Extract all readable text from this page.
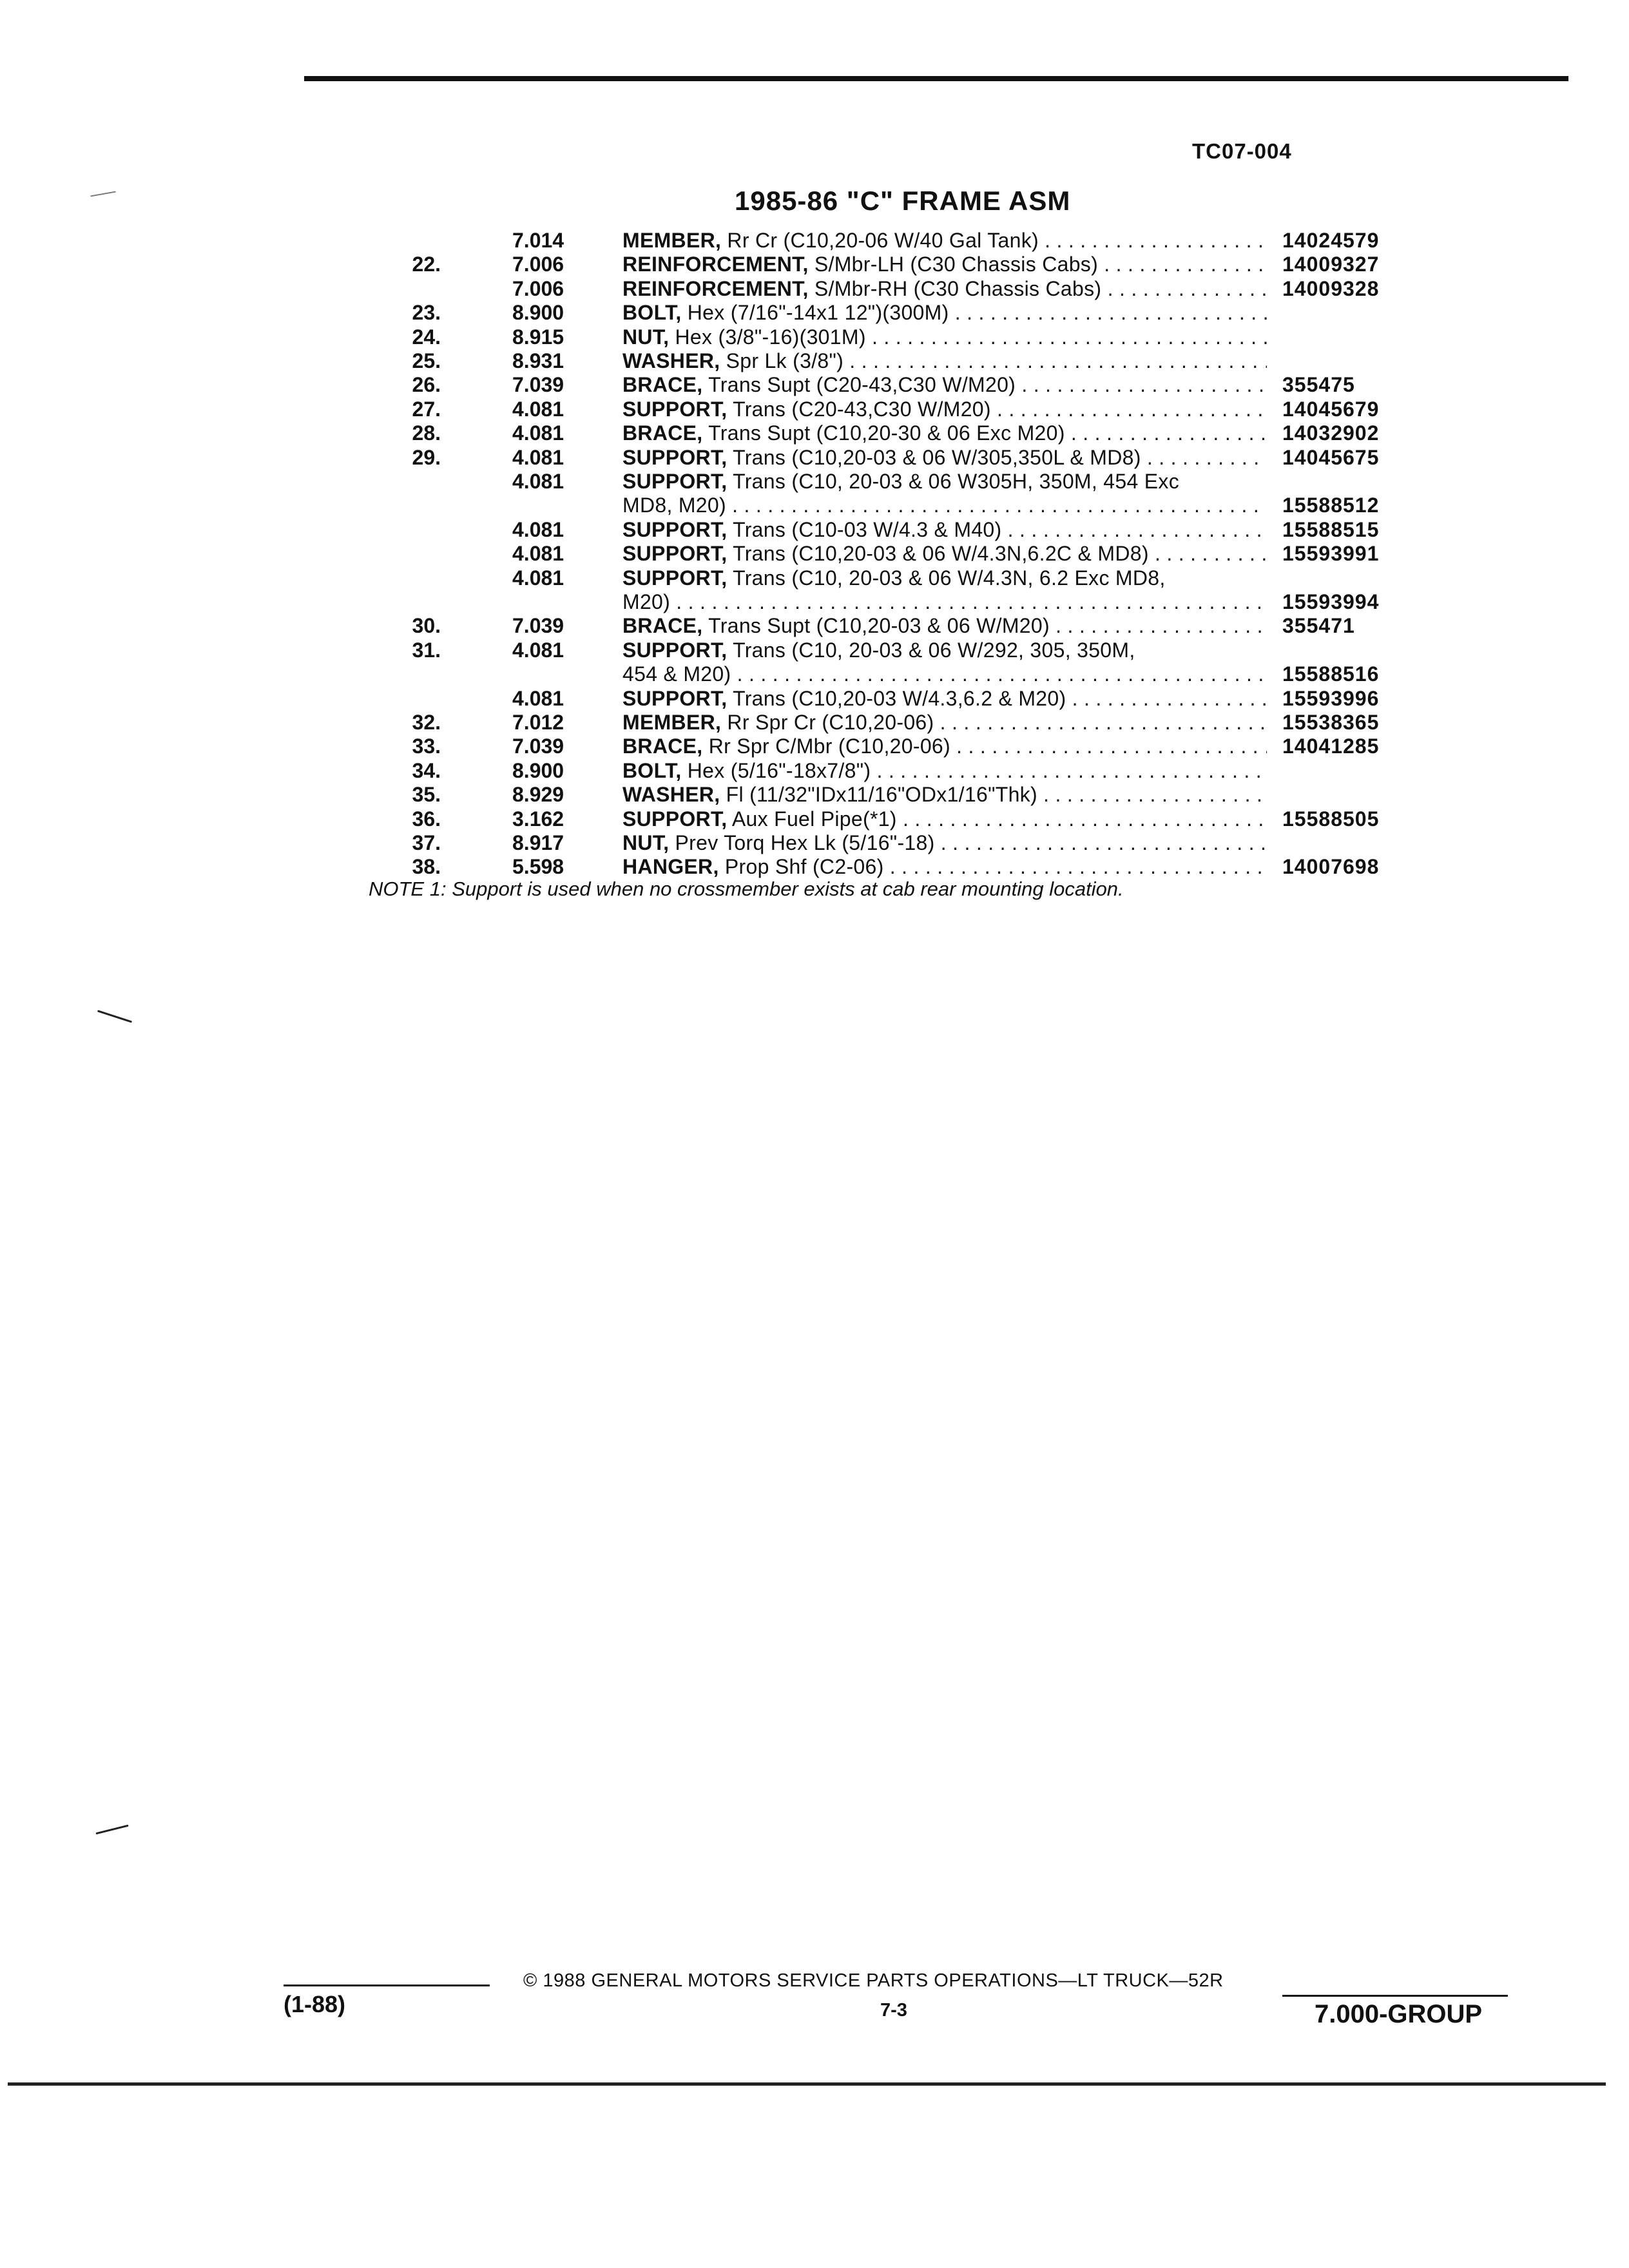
TC07-004
1985-86 "C" FRAME ASM
7.014	MEMBER, Rr Cr (C10,20-06 W/40 Gal Tank) . . .	14024579
22.	7.006	REINFORCEMENT, S/Mbr-LH (C30 Chassis Cabs) . . .	14009327
7.006	REINFORCEMENT, S/Mbr-RH (C30 Chassis Cabs) . . .	14009328
23.	8.900	BOLT, Hex (7/16"-14x1 12")(300M) . . .
24.	8.915	NUT, Hex (3/8"-16)(301M) . . .
25.	8.931	WASHER, Spr Lk (3/8") . . .
26.	7.039	BRACE, Trans Supt (C20-43,C30 W/M20) . . .	355475
27.	4.081	SUPPORT, Trans (C20-43,C30 W/M20) . . .	14045679
28.	4.081	BRACE, Trans Supt (C10,20-30 & 06 Exc M20) . . .	14032902
29.	4.081	SUPPORT, Trans (C10,20-03 & 06 W/305,350L & MD8) . . .	14045675
4.081	SUPPORT, Trans (C10, 20-03 & 06 W305H, 350M, 454 Exc
MD8, M20) . . .	15588512
4.081	SUPPORT, Trans (C10-03 W/4.3 & M40) . . .	15588515
4.081	SUPPORT, Trans (C10,20-03 & 06 W/4.3N,6.2C & MD8) . . .	15593991
4.081	SUPPORT, Trans (C10, 20-03 & 06 W/4.3N, 6.2 Exc MD8,
M20) . . .	15593994
30.	7.039	BRACE, Trans Supt (C10,20-03 & 06 W/M20) . . .	355471
31.	4.081	SUPPORT, Trans (C10, 20-03 & 06 W/292, 305, 350M,
454 & M20) . . .	15588516
4.081	SUPPORT, Trans (C10,20-03 W/4.3,6.2 & M20) . . .	15593996
32.	7.012	MEMBER, Rr Spr Cr (C10,20-06) . . .	15538365
33.	7.039	BRACE, Rr Spr C/Mbr (C10,20-06) . . .	14041285
34.	8.900	BOLT, Hex (5/16"-18x7/8") . . .
35.	8.929	WASHER, Fl (11/32"IDx11/16"ODx1/16"Thk) . . .
36.	3.162	SUPPORT, Aux Fuel Pipe(*1) . . .	15588505
37.	8.917	NUT, Prev Torq Hex Lk (5/16"-18) . . .
38.	5.598	HANGER, Prop Shf (C2-06) . . .	14007698
NOTE 1: Support is used when no crossmember exists at cab rear mounting location.
© 1988 GENERAL MOTORS SERVICE PARTS OPERATIONS—LT TRUCK—52R
(1-88)	7-3	7.000-GROUP
